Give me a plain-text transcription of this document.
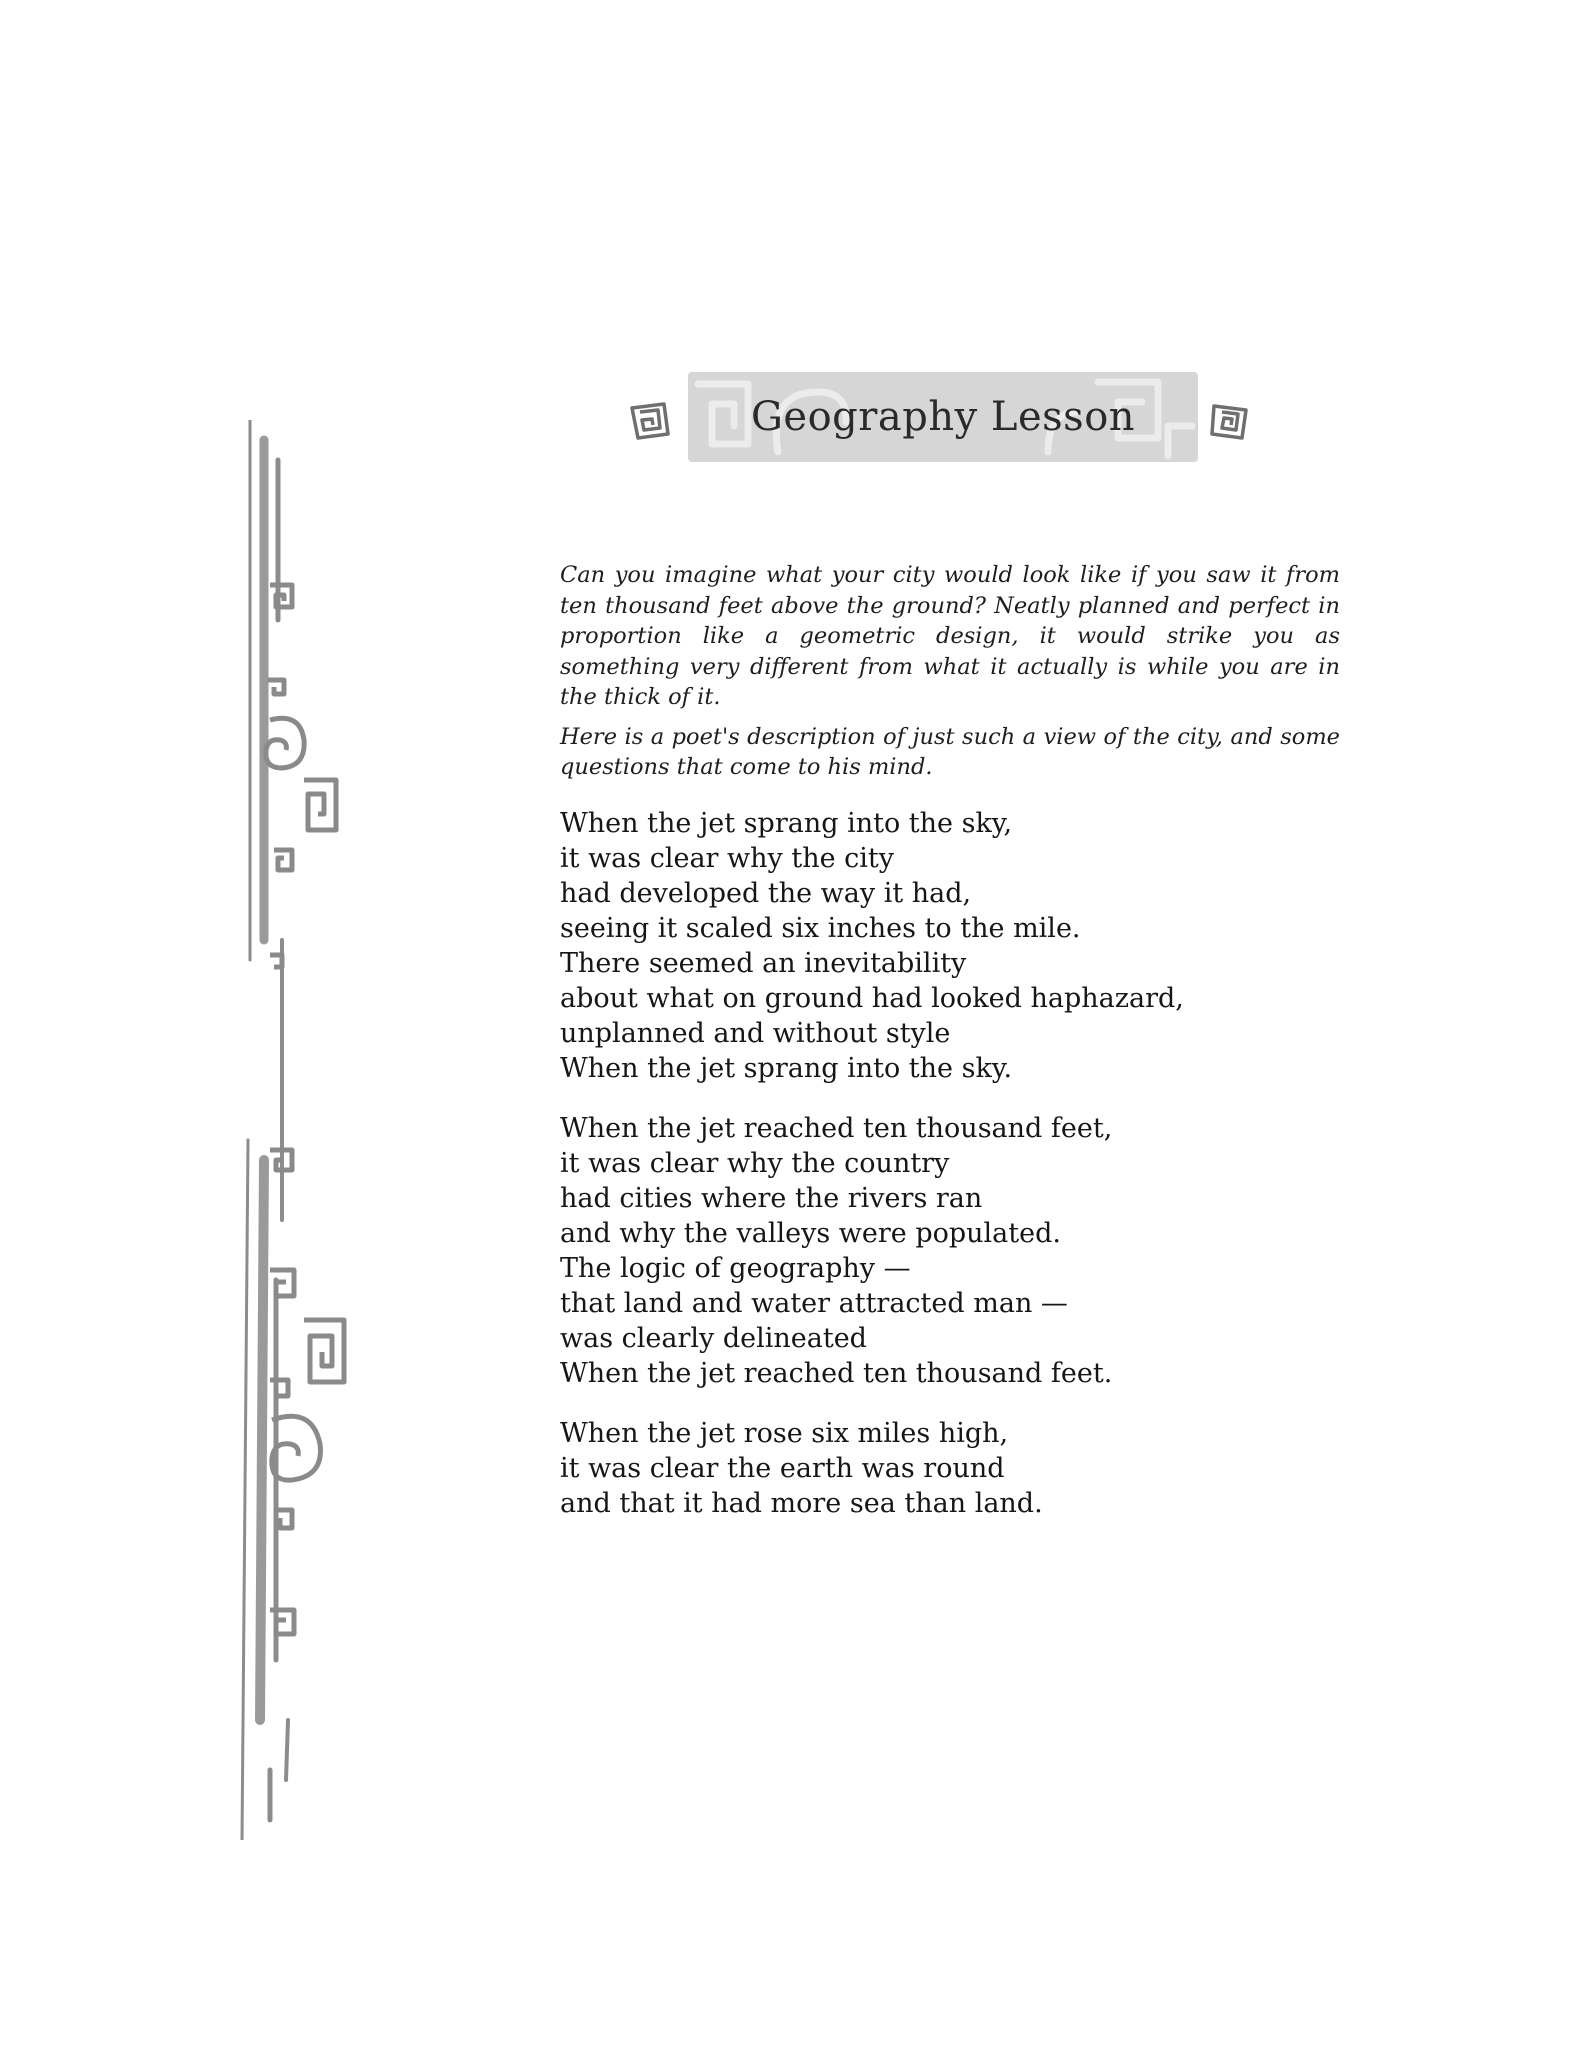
Geography Lesson

Can you imagine what your city would look like if you saw it from ten thousand feet above the ground? Neatly planned and perfect in proportion like a geometric design, it would strike you as something very different from what it actually is while you are in the thick of it.

Here is a poet's description of just such a view of the city, and some questions that come to his mind.

When the jet sprang into the sky,
it was clear why the city
had developed the way it had,
seeing it scaled six inches to the mile.
There seemed an inevitability
about what on ground had looked haphazard,
unplanned and without style
When the jet sprang into the sky.
When the jet reached ten thousand feet,
it was clear why the country
had cities where the rivers ran
and why the valleys were populated.
The logic of geography —
that land and water attracted man —
was clearly delineated
When the jet reached ten thousand feet.
When the jet rose six miles high,
it was clear the earth was round
and that it had more sea than land.
